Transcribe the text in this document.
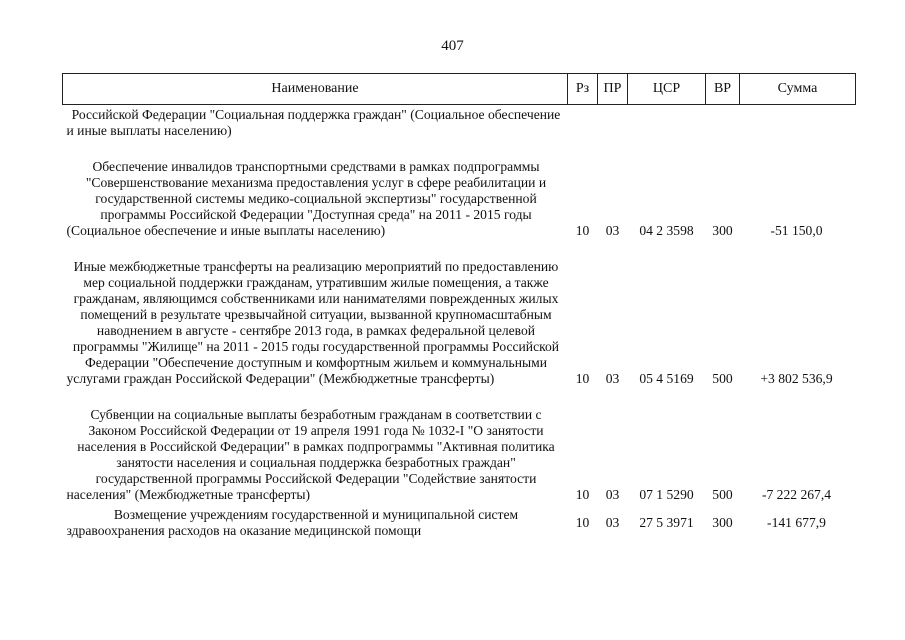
407
Наименование	Рз	ПР	ЦСР	ВР	Сумма
Российской Федерации "Социальная поддержка граждан" (Социальное обеспечение и иные выплаты населению)					
Обеспечение инвалидов транспортными средствами в рамках подпрограммы "Совершенствование механизма предоставления услуг в сфере реабилитации и государственной системы медико-социальной экспертизы" государственной программы Российской Федерации "Доступная среда" на 2011 - 2015 годы (Социальное обеспечение и иные выплаты населению)	10	03	04 2 3598	300	-51 150,0
Иные межбюджетные трансферты на реализацию мероприятий по предоставлению мер социальной поддержки гражданам, утратившим жилые помещения, а также гражданам, являющимся собственниками или нанимателями поврежденных жилых помещений в результате чрезвычайной ситуации, вызванной крупномасштабным наводнением в августе - сентябре 2013 года, в рамках федеральной целевой программы "Жилище" на 2011 - 2015 годы государственной программы Российской Федерации "Обеспечение доступным и комфортным жильем и коммунальными услугами граждан Российской Федерации" (Межбюджетные трансферты)	10	03	05 4 5169	500	+3 802 536,9
Субвенции на социальные выплаты безработным гражданам в соответствии с Законом Российской Федерации от 19 апреля 1991 года № 1032-I "О занятости населения в Российской Федерации" в рамках подпрограммы "Активная политика занятости населения и социальная поддержка безработных граждан" государственной программы Российской Федерации "Содействие занятости населения" (Межбюджетные трансферты)	10	03	07 1 5290	500	-7 222 267,4
Возмещение учреждениям государственной и муниципальной систем здравоохранения расходов на оказание медицинской помощи	10	03	27 5 3971	300	-141 677,9
